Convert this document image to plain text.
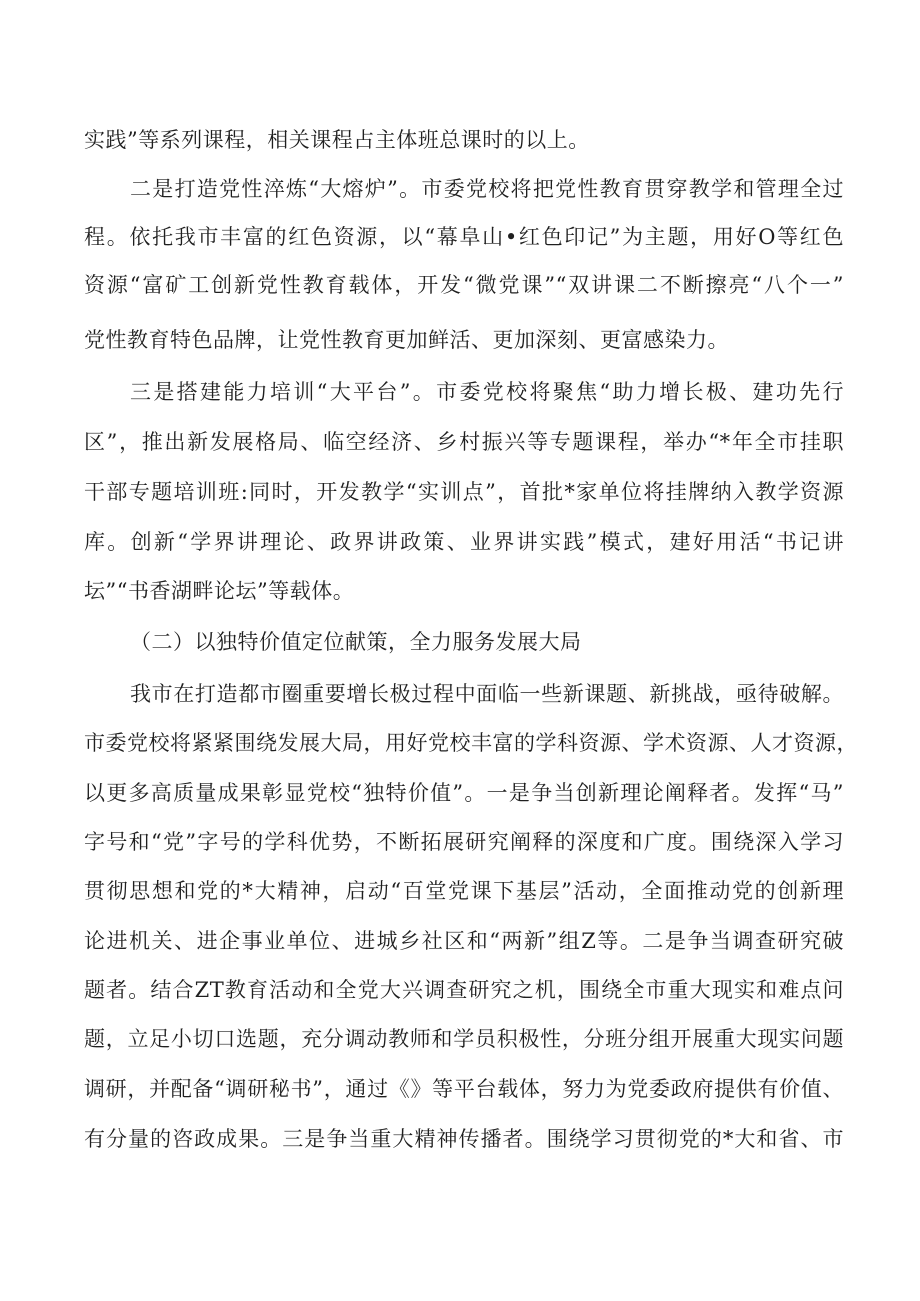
实践”等系列课程，相关课程占主体班总课时的以上。
二是打造党性淬炼“大熔炉”。市委党校将把党性教育贯穿教学和管理全过
程。依托我市丰富的红色资源，以“幕阜山•红色印记”为主题，用好O等红色
资源“富矿工创新党性教育载体，开发“微党课”“双讲课二不断擦亮“八个一”
党性教育特色品牌，让党性教育更加鲜活、更加深刻、更富感染力。
三是搭建能力培训“大平台”。市委党校将聚焦“助力增长极、建功先行
区”，推出新发展格局、临空经济、乡村振兴等专题课程，举办“*年全市挂职
干部专题培训班:同时，开发教学“实训点”，首批*家单位将挂牌纳入教学资源
库。创新“学界讲理论、政界讲政策、业界讲实践”模式，建好用活“书记讲
坛”“书香湖畔论坛”等载体。
（二）以独特价值定位献策，全力服务发展大局
我市在打造都市圈重要增长极过程中面临一些新课题、新挑战，亟待破解。
市委党校将紧紧围绕发展大局，用好党校丰富的学科资源、学术资源、人才资源，
以更多高质量成果彰显党校“独特价值”。一是争当创新理论阐释者。发挥“马”
字号和“党”字号的学科优势，不断拓展研究阐释的深度和广度。围绕深入学习
贯彻思想和党的*大精神，启动“百堂党课下基层”活动，全面推动党的创新理
论进机关、进企事业单位、进城乡社区和“两新”组Z等。二是争当调查研究破
题者。结合ZT教育活动和全党大兴调查研究之机，围绕全市重大现实和难点问
题，立足小切口选题，充分调动教师和学员积极性，分班分组开展重大现实问题
调研，并配备“调研秘书”，通过《》等平台载体，努力为党委政府提供有价值、
有分量的咨政成果。三是争当重大精神传播者。围绕学习贯彻党的*大和省、市
